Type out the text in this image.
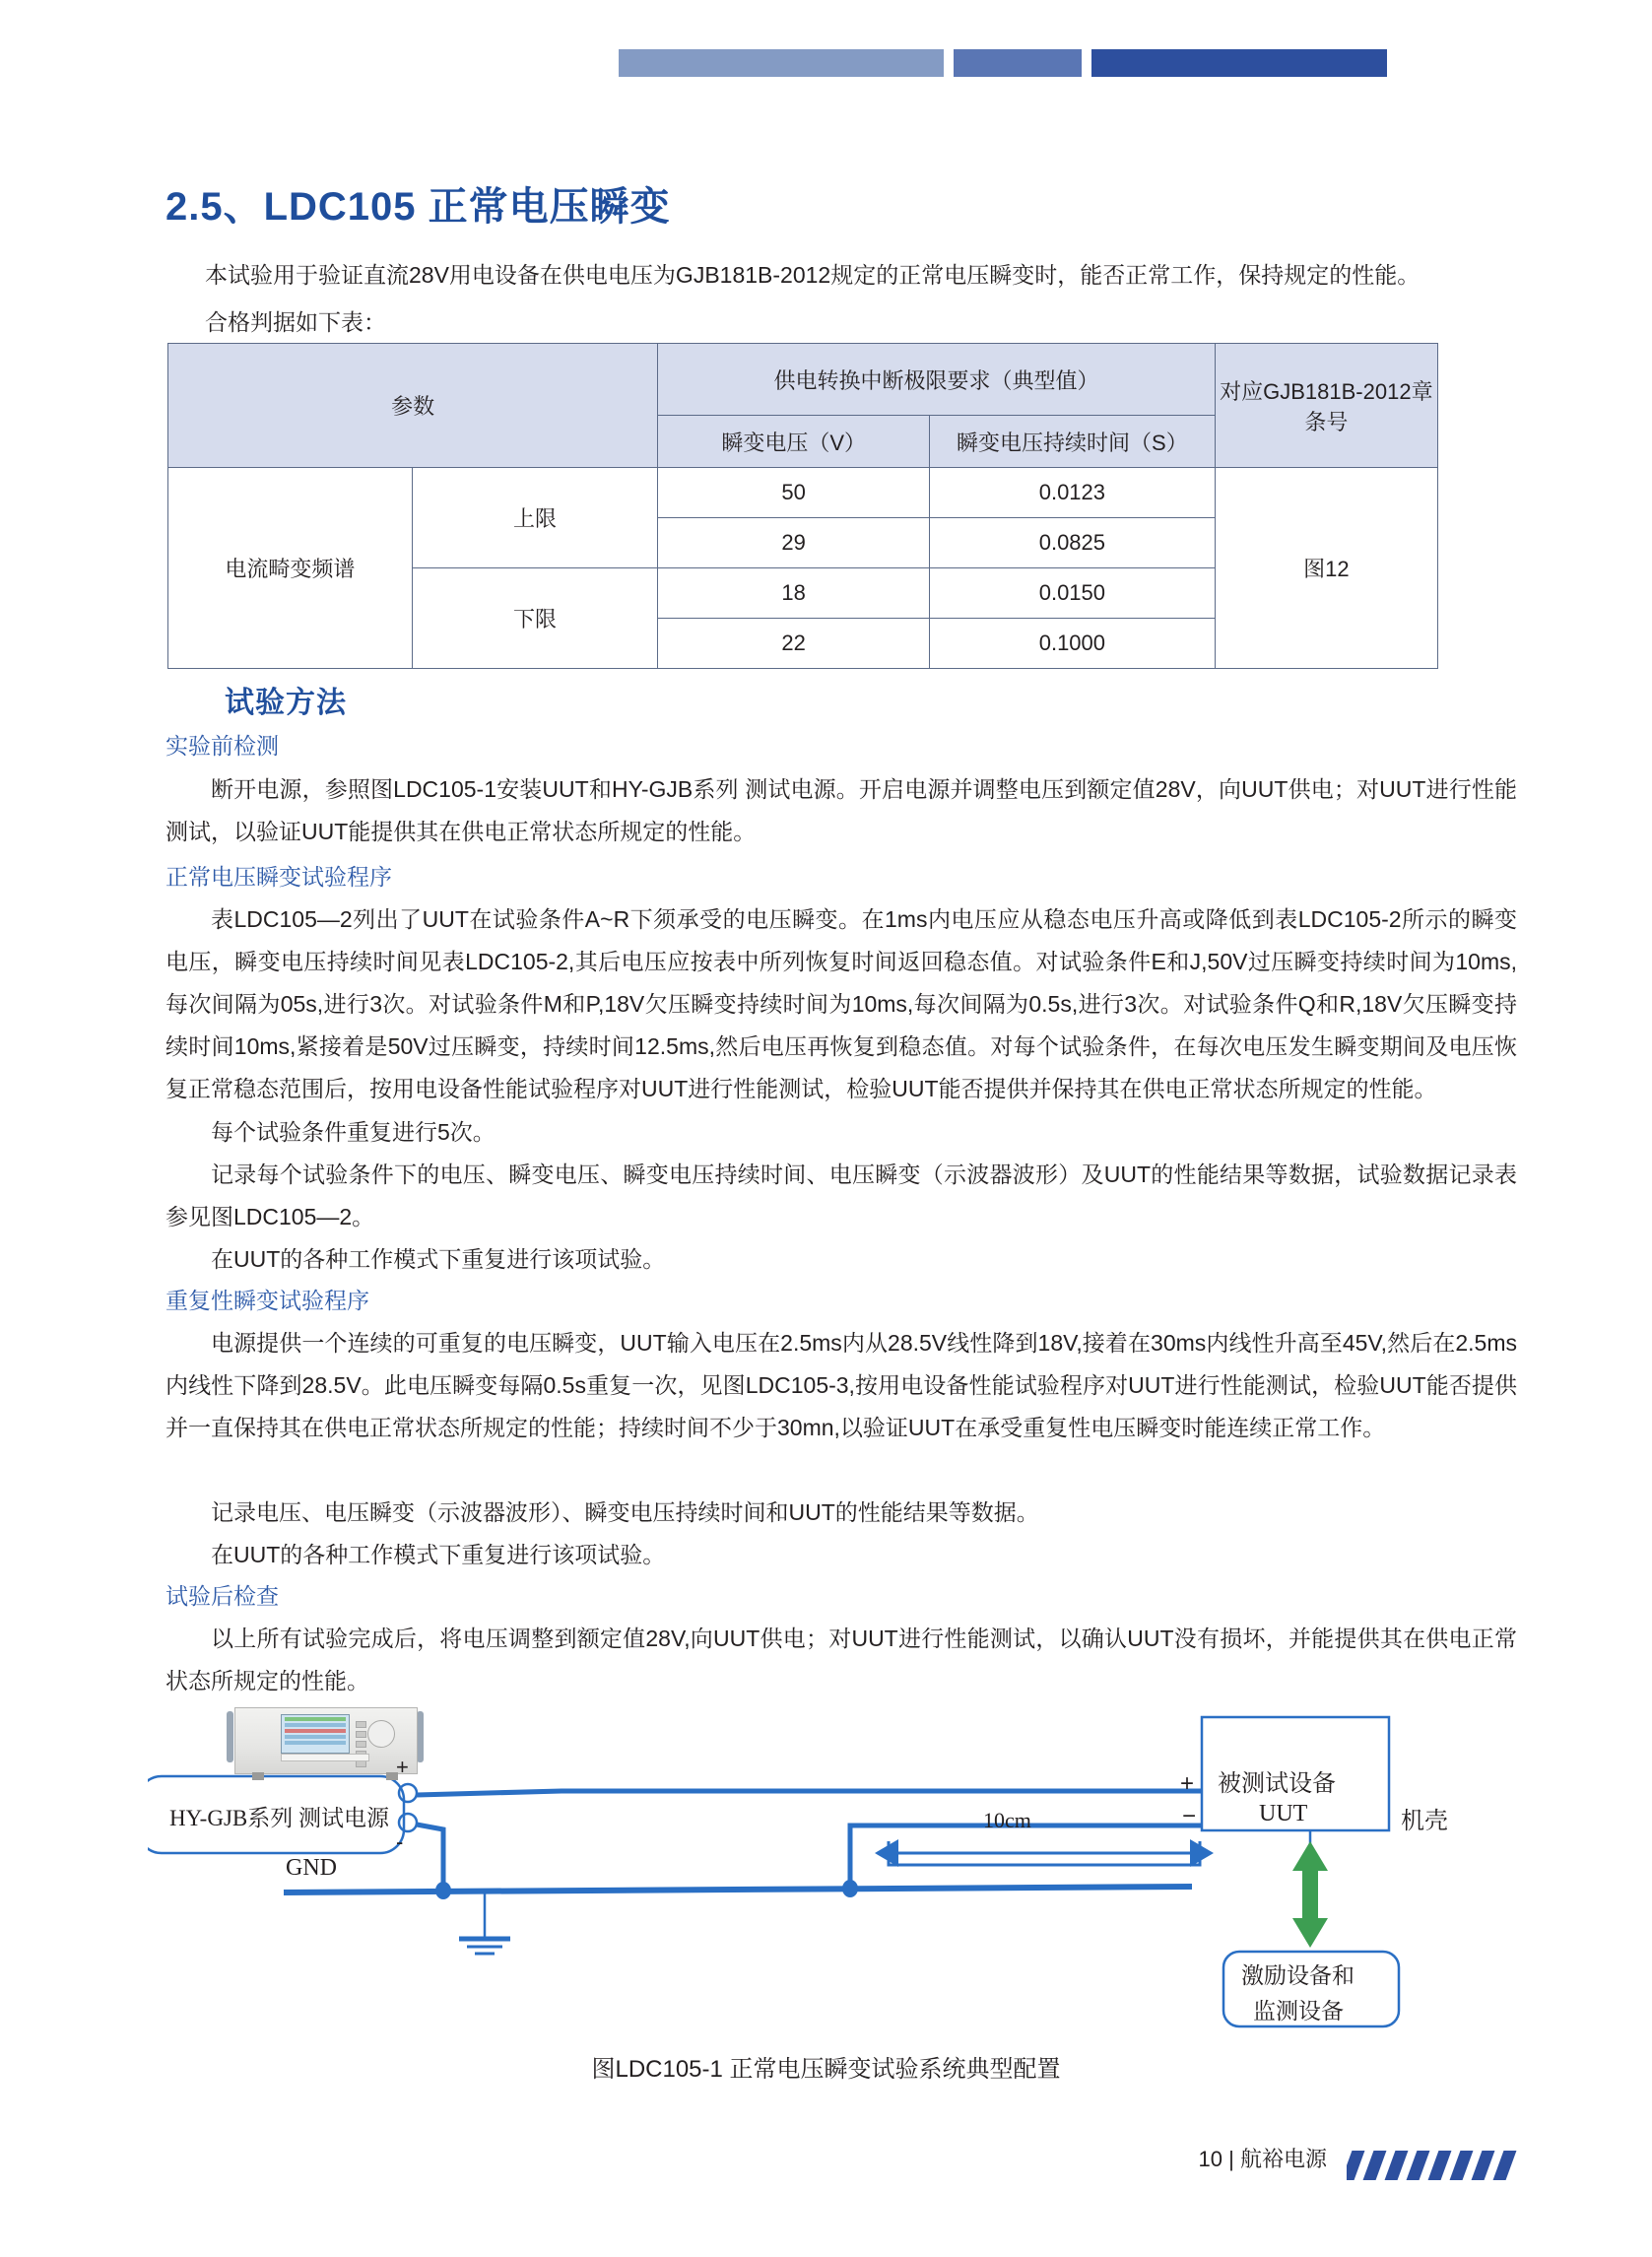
2.5、LDC105 正常电压瞬变
本试验用于验证直流28V用电设备在供电电压为GJB181B-2012规定的正常电压瞬变时，能否正常工作，保持规定的性能。
合格判据如下表：
参数		供电转换中断极限要求（典型值）		对应GJB181B-2012章条号
		瞬变电压（V）	瞬变电压持续时间（S）	
电流畸变频谱	上限	50	0.0123	图12
		29	0.0825	
	下限	18	0.0150	
		22	0.1000	
试验方法
实验前检测
断开电源，参照图LDC105-1安装UUT和HY-GJB系列 测试电源。开启电源并调整电压到额定值28V，向UUT供电；对UUT进行性能测试，以验证UUT能提供其在供电正常状态所规定的性能。
正常电压瞬变试验程序
表LDC105—2列出了UUT在试验条件A~R下须承受的电压瞬变。在1ms内电压应从稳态电压升高或降低到表LDC105-2所示的瞬变电压，瞬变电压持续时间见表LDC105-2,其后电压应按表中所列恢复时间返回稳态值。对试验条件E和J,50V过压瞬变持续时间为10ms,每次间隔为05s,进行3次。对试验条件M和P,18V欠压瞬变持续时间为10ms,每次间隔为0.5s,进行3次。对试验条件Q和R,18V欠压瞬变持续时间10ms,紧接着是50V过压瞬变，持续时间12.5ms,然后电压再恢复到稳态值。对每个试验条件，在每次电压发生瞬变期间及电压恢复正常稳态范围后，按用电设备性能试验程序对UUT进行性能测试，检验UUT能否提供并保持其在供电正常状态所规定的性能。
每个试验条件重复进行5次。
记录每个试验条件下的电压、瞬变电压、瞬变电压持续时间、电压瞬变（示波器波形）及UUT的性能结果等数据，试验数据记录表参见图LDC105—2。
在UUT的各种工作模式下重复进行该项试验。
重复性瞬变试验程序
电源提供一个连续的可重复的电压瞬变，UUT输入电压在2.5ms内从28.5V线性降到18V,接着在30ms内线性升高至45V,然后在2.5ms内线性下降到28.5V。此电压瞬变每隔0.5s重复一次，见图LDC105-3,按用电设备性能试验程序对UUT进行性能测试，检验UUT能否提供并一直保持其在供电正常状态所规定的性能；持续时间不少于30mn,以验证UUT在承受重复性电压瞬变时能连续正常工作。
记录电压、电压瞬变（示波器波形）、瞬变电压持续时间和UUT的性能结果等数据。
在UUT的各种工作模式下重复进行该项试验。
试验后检查
以上所有试验完成后，将电压调整到额定值28V,向UUT供电；对UUT进行性能测试，以确认UUT没有损坏，并能提供其在供电正常状态所规定的性能。
HY-GJB系列 测试电源
+
-
GND
10cm
+
−
被测试设备
UUT	机壳
激励设备和
监测设备
图LDC105-1 正常电压瞬变试验系统典型配置
10 | 航裕电源
